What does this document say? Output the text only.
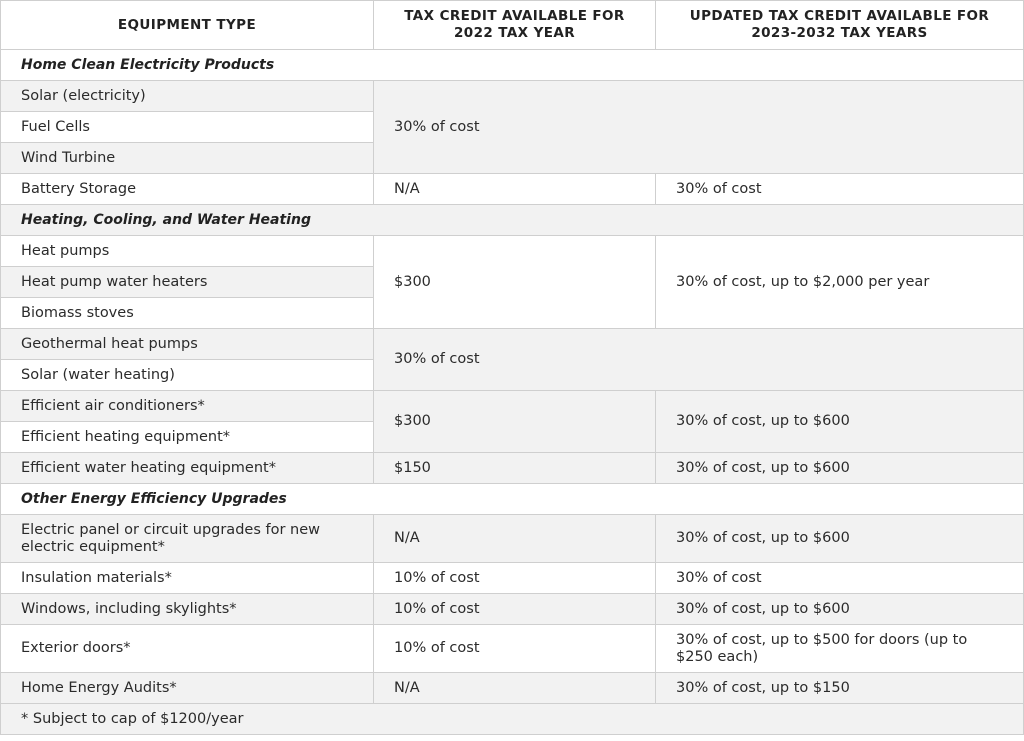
EQUIPMENT TYPE	TAX CREDIT AVAILABLE FOR 2022 TAX YEAR	UPDATED TAX CREDIT AVAILABLE FOR 2023-2032 TAX YEARS
Home Clean Electricity Products		
Solar (electricity)	30% of cost	
Fuel Cells		
Wind Turbine		
Battery Storage	N/A	30% of cost
Heating, Cooling, and Water Heating		
Heat pumps	$300	30% of cost, up to $2,000 per year
Heat pump water heaters		
Biomass stoves		
Geothermal heat pumps	30% of cost	
Solar (water heating)		
Efficient air conditioners*	$300	30% of cost, up to $600
Efficient heating equipment*		
Efficient water heating equipment*	$150	30% of cost, up to $600
Other Energy Efficiency Upgrades		
Electric panel or circuit upgrades for new electric equipment*	N/A	30% of cost, up to $600
Insulation materials*	10% of cost	30% of cost
Windows, including skylights*	10% of cost	30% of cost, up to $600
Exterior doors*	10% of cost	30% of cost, up to $500 for doors (up to $250 each)
Home Energy Audits*	N/A	30% of cost, up to $150
* Subject to cap of $1200/year		
